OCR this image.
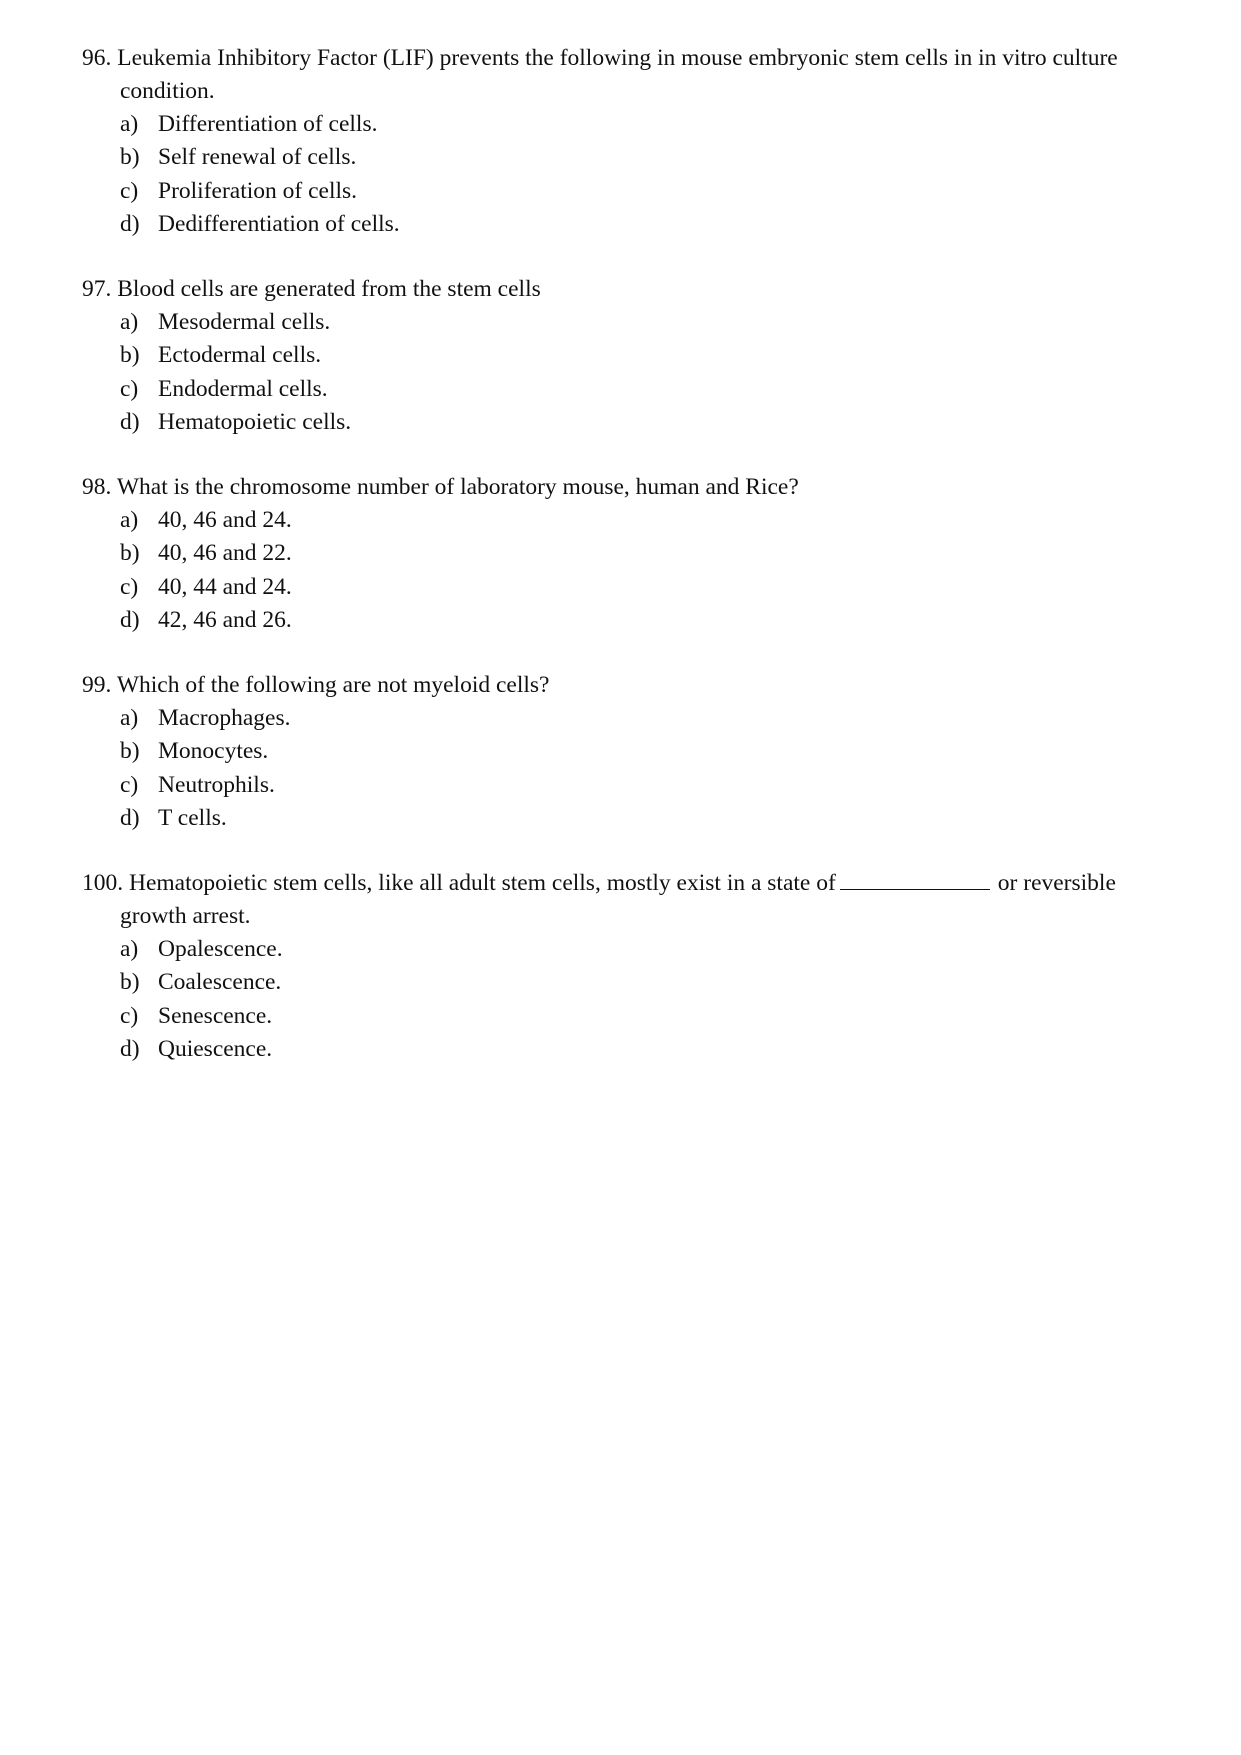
96. Leukemia Inhibitory Factor (LIF) prevents the following in mouse embryonic stem cells in in vitro culture condition.

a) Differentiation of cells.
b) Self renewal of cells.
c) Proliferation of cells.
d) Dedifferentiation of cells.

97. Blood cells are generated from the stem cells

a) Mesodermal cells.
b) Ectodermal cells.
c) Endodermal cells.
d) Hematopoietic cells.

98. What is the chromosome number of laboratory mouse, human and Rice?

a) 40, 46 and 24.
b) 40, 46 and 22.
c) 40, 44 and 24.
d) 42, 46 and 26.

99. Which of the following are not myeloid cells?

a) Macrophages.
b) Monocytes.
c) Neutrophils.
d) T cells.

100. Hematopoietic stem cells, like all adult stem cells, mostly exist in a state of	or reversible growth arrest.

a) Opalescence.
b) Coalescence.
c) Senescence.
d) Quiescence.
